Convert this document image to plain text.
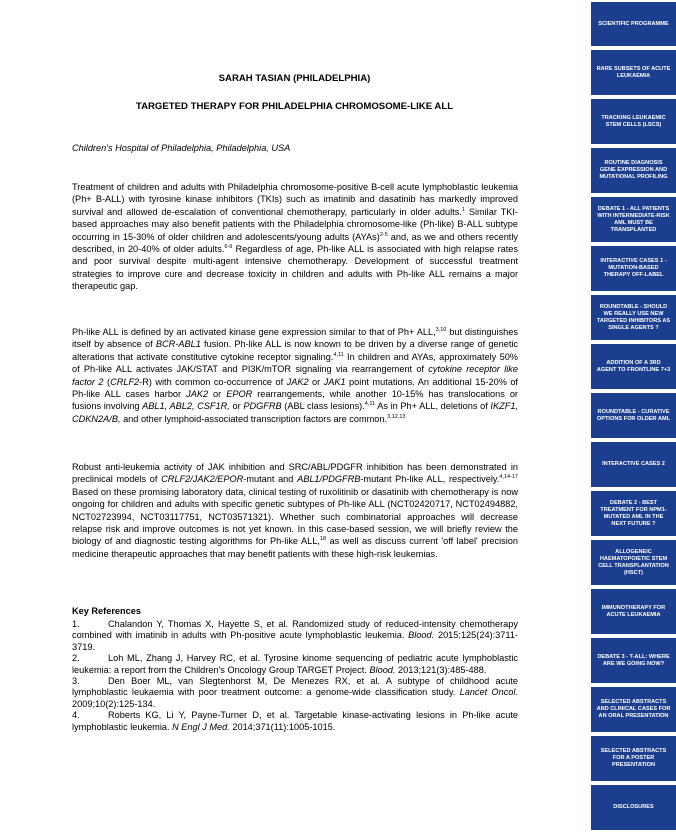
SARAH TASIAN (PHILADELPHIA)
TARGETED THERAPY FOR PHILADELPHIA CHROMOSOME-LIKE ALL
Children's Hospital of Philadelphia, Philadelphia, USA

Treatment of children and adults with Philadelphia chromosome-positive B-cell acute lymphoblastic leukemia (Ph+ B-ALL) with tyrosine kinase inhibitors (TKIs) such as imatinib and dasatinib has markedly improved survival and allowed de-escalation of conventional chemotherapy, particularly in older adults.$^1$ Similar TKI-based approaches may also benefit patients with the Philadelphia chromosome-like (Ph-like) B-ALL subtype occurring in 15-30% of older children and adolescents/young adults (AYAs)$^{2-5}$ and, as we and others recently described, in 20-40% of older adults.$^{6-9}$ Regardless of age, Ph-like ALL is associated with high relapse rates and poor survival despite multi-agent intensive chemotherapy. Development of successful treatment strategies to improve cure and decrease toxicity in children and adults with Ph-like ALL remains a major therapeutic gap.

Ph-like ALL is defined by an activated kinase gene expression similar to that of Ph+ ALL,$^{3,10}$ but distinguishes itself by absence of BCR-ABL1 fusion. Ph-like ALL is now known to be driven by a diverse range of genetic alterations that activate constitutive cytokine receptor signaling.$^{4,11}$ In children and AYAs, approximately 50% of Ph-like ALL activates JAK/STAT and PI3K/mTOR signaling via rearrangement of cytokine receptor like factor 2 (CRLF2-R) with common co-occurrence of JAK2 or JAK1 point mutations. An additional 15-20% of Ph-like ALL cases harbor JAK2 or EPOR rearrangements, while another 10-15% has translocations or fusions involving ABL1, ABL2, CSF1R, or PDGFRB (ABL class lesions).$^{4,11}$ As in Ph+ ALL, deletions of IKZF1, CDKN2A/B, and other lymphoid-associated transcription factors are common.$^{3,12,13}$

Robust anti-leukemia activity of JAK inhibition and SRC/ABL/PDGFR inhibition has been demonstrated in preclinical models of CRLF2/JAK2/EPOR-mutant and ABL1/PDGFRB-mutant Ph-like ALL, respectively.$^{4,14-17}$ Based on these promising laboratory data, clinical testing of ruxolitinib or dasatinib with chemotherapy is now ongoing for children and adults with specific genetic subtypes of Ph-like ALL (NCT02420717, NCT02494882, NCT02723994, NCT03117751, NCT03571321). Whether such combinatorial approaches will decrease relapse risk and improve outcomes is not yet known. In this case-based session, we will briefly review the biology of and diagnostic testing algorithms for Ph-like ALL,$^{18}$ as well as discuss current 'off label' precision medicine therapeutic approaches that may benefit patients with these high-risk leukemias.

Key References

1.	Chalandon Y, Thomas X, Hayette S, et al. Randomized study of reduced-intensity chemotherapy combined with imatinib in adults with Ph-positive acute lymphoblastic leukemia. Blood. 2015;125(24):3711-3719.

2.	Loh ML, Zhang J, Harvey RC, et al. Tyrosine kinome sequencing of pediatric acute lymphoblastic leukemia: a report from the Children's Oncology Group TARGET Project. Blood. 2013;121(3):485-488.

3.	Den Boer ML, van Slegtenhorst M, De Menezes RX, et al. A subtype of childhood acute lymphoblastic leukaemia with poor treatment outcome: a genome-wide classification study. Lancet Oncol. 2009;10(2):125-134.

4.	Roberts KG, Li Y, Payne-Turner D, et al. Targetable kinase-activating lesions in Ph-like acute lymphoblastic leukemia. N Engl J Med. 2014;371(11):1005-1015.

SCIENTIFIC PROGRAMME
RARE SUBSETS OF ACUTE LEUKAEMIA
TRACKING LEUKAEMIC STEM CELLS (LSCS)
ROUTINE DIAGNOSIS GENE EXPRESSION AND MUTATIONAL PROFILING
DEBATE 1 - ALL PATIENTS WITH INTERMEDIATE-RISK AML MUST BE TRANSPLANTED
INTERACTIVE CASES 1 - MUTATION-BASED THERAPY OFF-LABEL
ROUNDTABLE - SHOULD WE REALLY USE NEW TARGETED INHIBITORS AS SINGLE AGENTS ?
ADDITION OF A 3RD AGENT TO FRONTLINE 7+3
ROUNDTABLE - CURATIVE OPTIONS FOR OLDER AML
INTERACTIVE CASES 2
DEBATE 2 - BEST TREATMENT FOR NPM1-MUTATED AML IN THE NEXT FUTURE ?
ALLOGENEIC HAEMATOPOIETIC STEM CELL TRANSPLANTATION (HSCT)
IMMUNOTHERAPY FOR ACUTE LEUKAEMIA
DEBATE 3 - T-ALL: WHERE ARE WE GOING NOW?
SELECTED ABSTRACTS AND CLINICAL CASES FOR AN ORAL PRESENTATION
SELECTED ABSTRACTS FOR A POSTER PRESENTATION
DISCLOSURES
